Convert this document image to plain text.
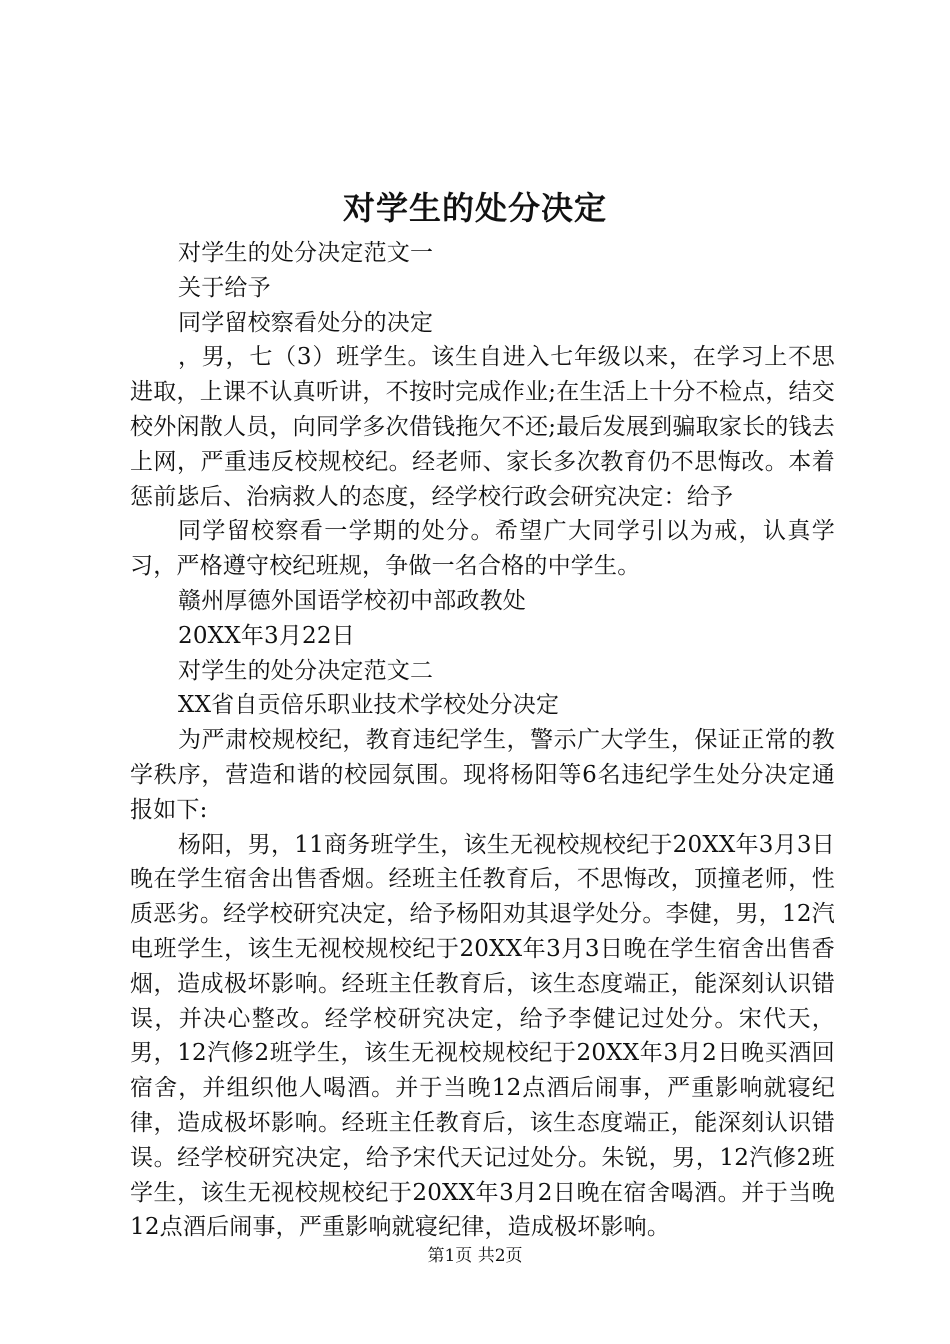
对学生的处分决定

对学生的处分决定范文一

关于给予

同学留校察看处分的决定

，男，七（3）班学生。该生自进入七年级以来，在学习上不思进取，上课不认真听讲，不按时完成作业;在生活上十分不检点，结交校外闲散人员，向同学多次借钱拖欠不还;最后发展到骗取家长的钱去上网，严重违反校规校纪。经老师、家长多次教育仍不思悔改。本着惩前毖后、治病救人的态度，经学校行政会研究决定：给予

同学留校察看一学期的处分。希望广大同学引以为戒，认真学习，严格遵守校纪班规，争做一名合格的中学生。

赣州厚德外国语学校初中部政教处

20XX年3月22日

对学生的处分决定范文二

XX省自贡倍乐职业技术学校处分决定

为严肃校规校纪，教育违纪学生，警示广大学生，保证正常的教学秩序，营造和谐的校园氛围。现将杨阳等6名违纪学生处分决定通报如下:

杨阳，男，11商务班学生，该生无视校规校纪于20XX年3月3日晚在学生宿舍出售香烟。经班主任教育后，不思悔改，顶撞老师，性质恶劣。经学校研究决定，给予杨阳劝其退学处分。李健，男，12汽电班学生，该生无视校规校纪于20XX年3月3日晚在学生宿舍出售香烟，造成极坏影响。经班主任教育后，该生态度端正，能深刻认识错误，并决心整改。经学校研究决定，给予李健记过处分。宋代天，男，12汽修2班学生，该生无视校规校纪于20XX年3月2日晚买酒回宿舍，并组织他人喝酒。并于当晚12点酒后闹事，严重影响就寝纪律，造成极坏影响。经班主任教育后，该生态度端正，能深刻认识错误。经学校研究决定，给予宋代天记过处分。朱锐，男，12汽修2班学生，该生无视校规校纪于20XX年3月2日晚在宿舍喝酒。并于当晚12点酒后闹事，严重影响就寝纪律，造成极坏影响。

第1页 共2页
